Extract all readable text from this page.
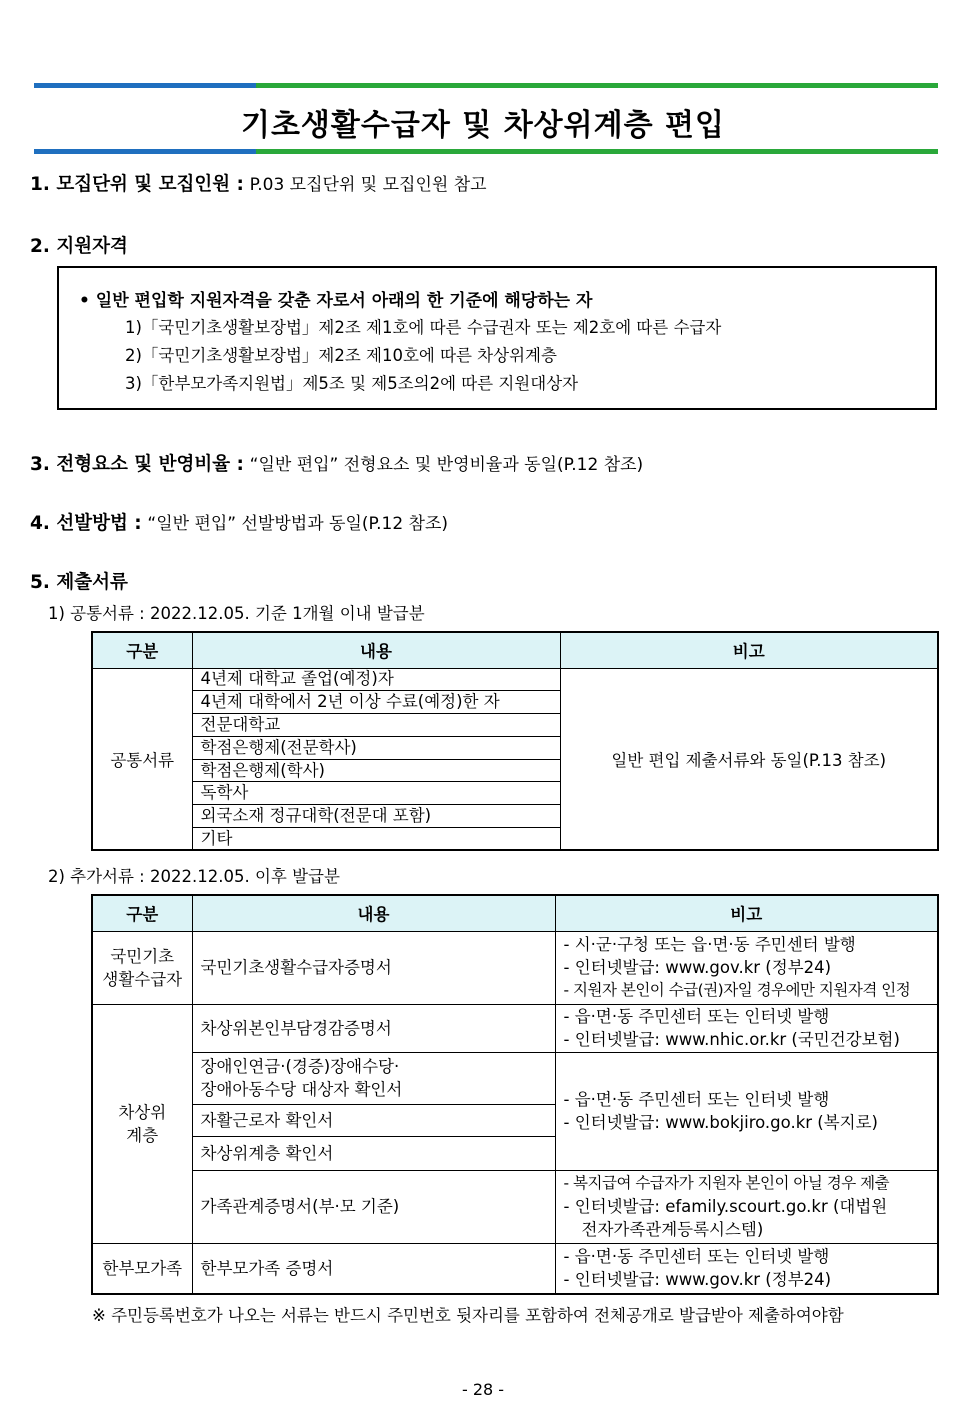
기초생활수급자 및 차상위계층 편입
1. 모집단위 및 모집인원 : P.03 모집단위 및 모집인원 참고
2. 지원자격
• 일반 편입학 지원자격을 갖춘 자로서 아래의 한 기준에 해당하는 자
1)「국민기초생활보장법」제2조 제1호에 따른 수급권자 또는 제2호에 따른 수급자
2)「국민기초생활보장법」제2조 제10호에 따른 차상위계층
3)「한부모가족지원법」제5조 및 제5조의2에 따른 지원대상자
3. 전형요소 및 반영비율 : “일반 편입” 전형요소 및 반영비율과 동일(P.12 참조)
4. 선발방법 : “일반 편입” 선발방법과 동일(P.12 참조)
5. 제출서류
1) 공통서류 : 2022.12.05. 기준 1개월 이내 발급분
구분	내용	비고
공통서류	4년제 대학교 졸업(예정)자	일반 편입 제출서류와 동일(P.13 참조)
	4년제 대학에서 2년 이상 수료(예정)한 자	
	전문대학교	
	학점은행제(전문학사)	
	학점은행제(학사)	
	독학사	
	외국소재 정규대학(전문대 포함)	
	기타	
2) 추가서류 : 2022.12.05. 이후 발급분
구분	내용	비고

국민기초
생활수급자	국민기초생활수급자증명서	- 시·군·구청 또는 읍·면·동 주민센터 발행
- 인터넷발급: www.gov.kr (정부24)
- 지원자 본인이 수급(권)자일 경우에만 지원자격 인정

차상위
계층	차상위본인부담경감증명서	- 읍·면·동 주민센터 또는 인터넷 발행
- 인터넷발급: www.nhic.or.kr (국민건강보험)

	장애인연금·(경증)장애수당·
장애아동수당 대상자 확인서	- 읍·면·동 주민센터 또는 인터넷 발행
- 인터넷발급: www.bokjiro.go.kr (복지로)

	자활근로자 확인서	
	차상위계층 확인서	
	가족관계증명서(부·모 기준)	- 복지급여 수급자가 지원자 본인이 아닐 경우 제출
- 인터넷발급: efamily.scourt.go.kr (대법원
전자가족관계등록시스템)

한부모가족	한부모가족 증명서	- 읍·면·동 주민센터 또는 인터넷 발행
- 인터넷발급: www.gov.kr (정부24)
※ 주민등록번호가 나오는 서류는 반드시 주민번호 뒷자리를 포함하여 전체공개로 발급받아 제출하여야함
- 28 -
